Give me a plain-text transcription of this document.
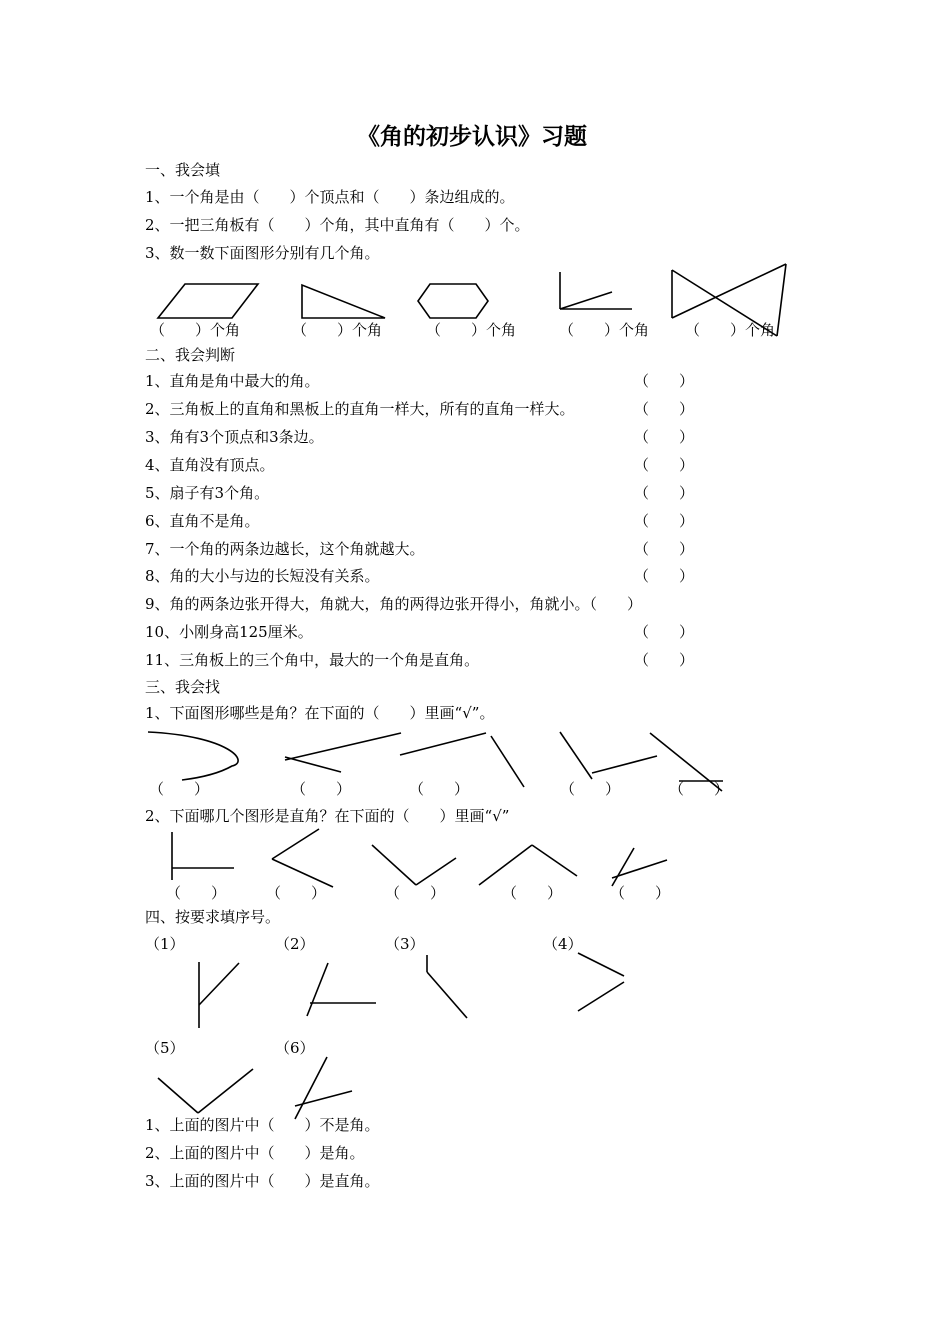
《角的初步认识》习题
一、我会填
1、一个角是由（　　）个顶点和（　　）条边组成的。
2、一把三角板有（　　）个角，其中直角有（　　）个。
3、数一数下面图形分别有几个角。
（　　）个角	（　　）个角	（　　）个角	（　　）个角 （　　）个角
二、我会判断
1、直角是角中最大的角。	（　　）
2、三角板上的直角和黑板上的直角一样大，所有的直角一样大。	（　　）
3、角有3个顶点和3条边。	（　　）
4、直角没有顶点。	（　　）
5、扇子有3个角。	（　　）
6、直角不是角。	（　　）
7、一个角的两条边越长，这个角就越大。	（　　）
8、角的大小与边的长短没有关系。	（　　）
9、角的两条边张开得大，角就大，角的两得边张开得小，角就小。（　　）
10、小刚身高125厘米。	（　　）
11、三角板上的三个角中，最大的一个角是直角。	（　　）
三、我会找
1、下面图形哪些是角？在下面的（　　）里画“√”。
（　　）	（　　）	（　　）	（　　）	（　　）
2、下面哪几个图形是直角？在下面的（　　）里画“√”
（　　）	（　　）	（　　）	（　　）	（　　）
四、按要求填序号。
（1）	（2）	（3）	（4）
（5）	（6）
1、上面的图片中（　　）不是角。
2、上面的图片中（　　）是角。
3、上面的图片中（　　）是直角。
